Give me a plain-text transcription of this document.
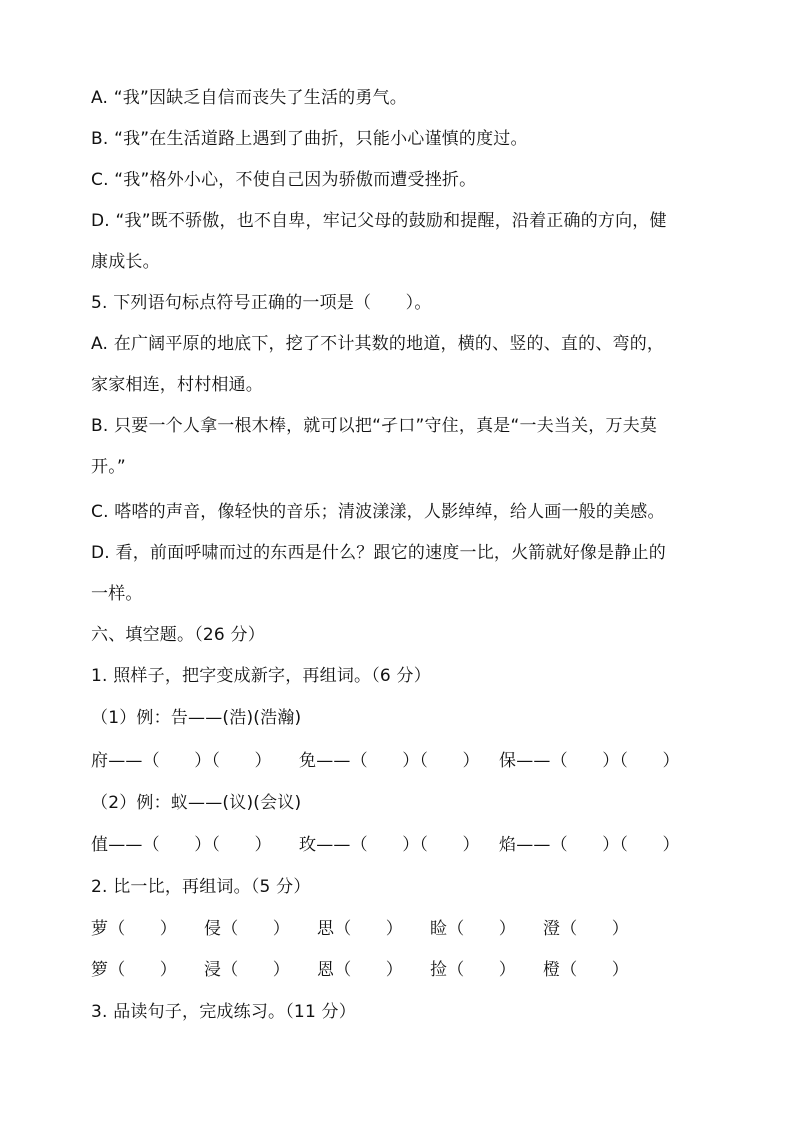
A. “我”因缺乏自信而丧失了生活的勇气。
B. “我”在生活道路上遇到了曲折，只能小心谨慎的度过。
C. “我”格外小心，不使自己因为骄傲而遭受挫折。
D. “我”既不骄傲，也不自卑，牢记父母的鼓励和提醒，沿着正确的方向，健
康成长。
5. 下列语句标点符号正确的一项是（　　）。
A. 在广阔平原的地底下，挖了不计其数的地道，横的、竖的、直的、弯的，
家家相连，村村相通。
B. 只要一个人拿一根木棒，就可以把“孑口”守住，真是“一夫当关，万夫莫
开。”
C. 嗒嗒的声音，像轻快的音乐；清波漾漾，人影绰绰，给人画一般的美感。
D. 看，前面呼啸而过的东西是什么？跟它的速度一比，火箭就好像是静止的
一样。
六、填空题。（26 分）
1. 照样子，把字变成新字，再组词。（6 分）
（1）例：告——(浩)(浩瀚)
府——（　　）（　　）	免——（　　）（　　）	保——（　　）（　　）
（2）例：蚁——(议)(会议)
值——（　　）（　　）	玫——（　　）（　　）	焰——（　　）（　　）
2. 比一比，再组词。（5 分）
萝（　　）	侵（　　）	思（　　）	睑（　　）	澄（　　）
箩（　　）	浸（　　）	恩（　　）	捡（　　）	橙（　　）
3. 品读句子，完成练习。（11 分）
